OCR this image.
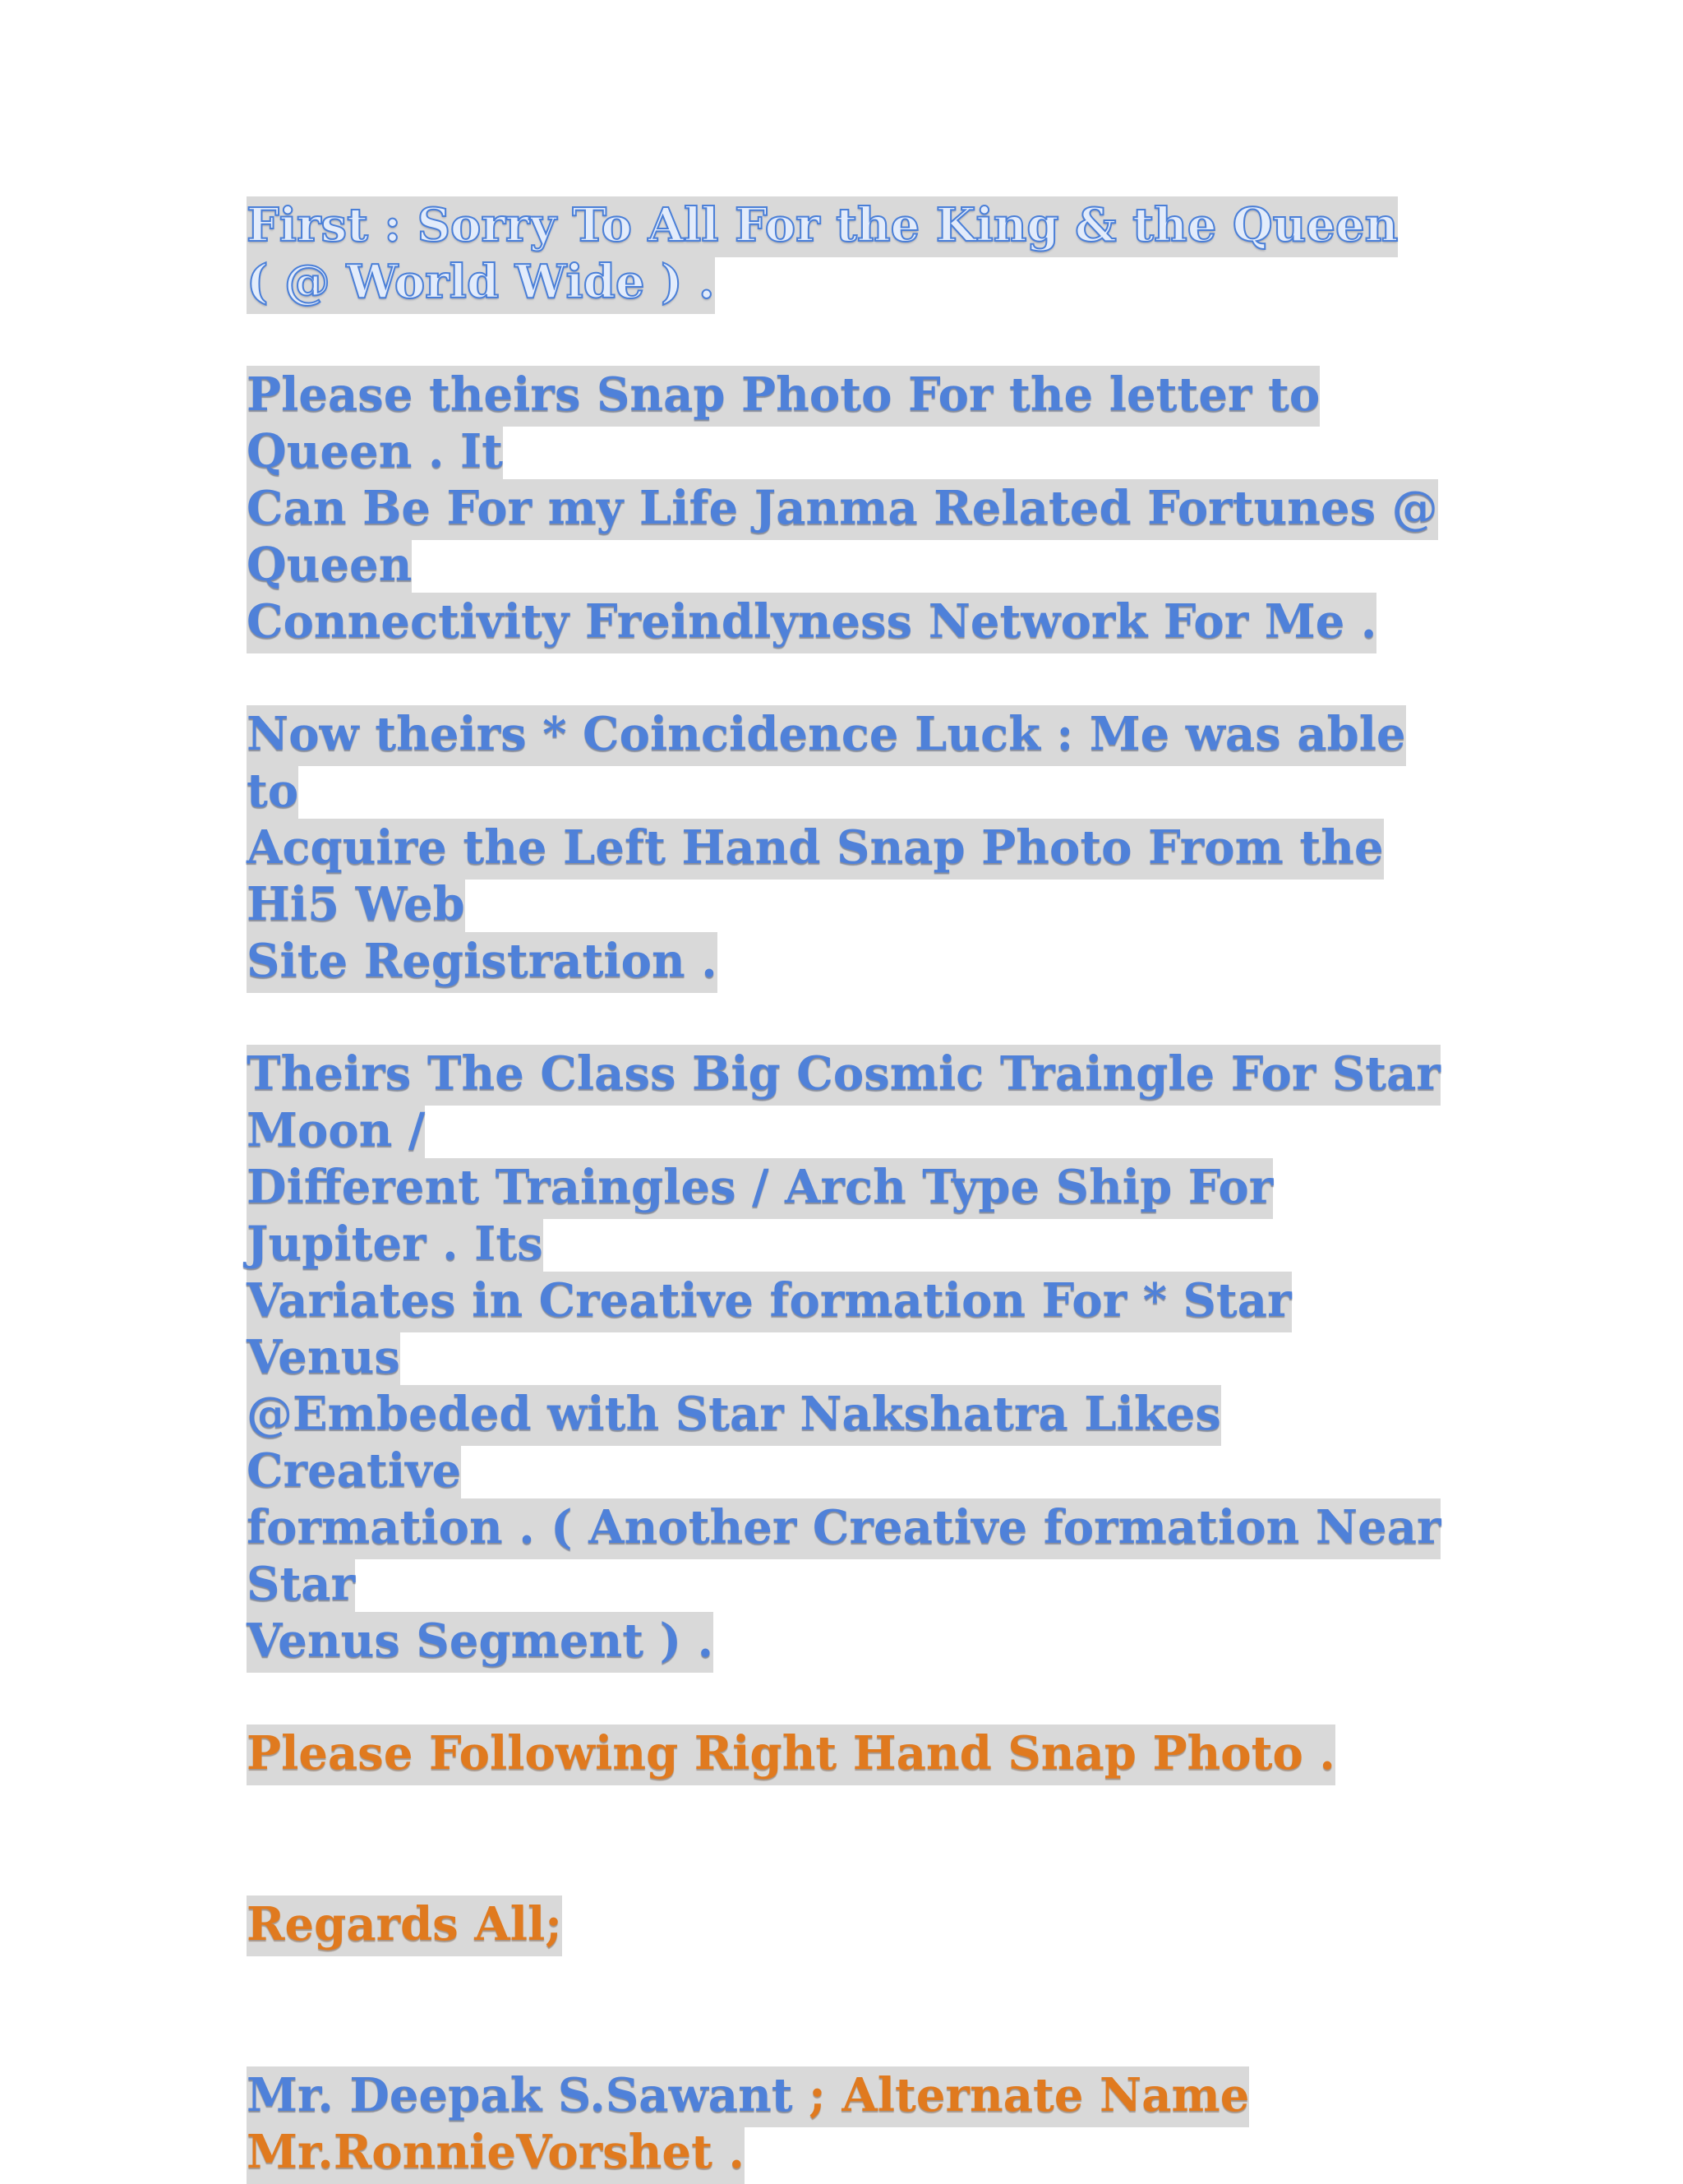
First : Sorry To All For the King & the Queen
( @ World Wide ) .

Please theirs Snap Photo For the letter to Queen . It
Can Be For my Life Janma Related Fortunes @ Queen
Connectivity Freindlyness Network For Me .

Now theirs * Coincidence Luck : Me was able to
Acquire the Left Hand Snap Photo From the Hi5 Web
Site Registration .

Theirs The Class Big Cosmic Traingle For Star Moon /
Different Traingles / Arch Type Ship For Jupiter . Its
Variates in Creative formation For * Star Venus
@Embeded with Star Nakshatra Likes Creative
formation . ( Another Creative formation Near Star
Venus Segment ) .

Please Following Right Hand Snap Photo .

Regards All;

Mr. Deepak S.Sawant ; Alternate Name
Mr.RonnieVorshet .
